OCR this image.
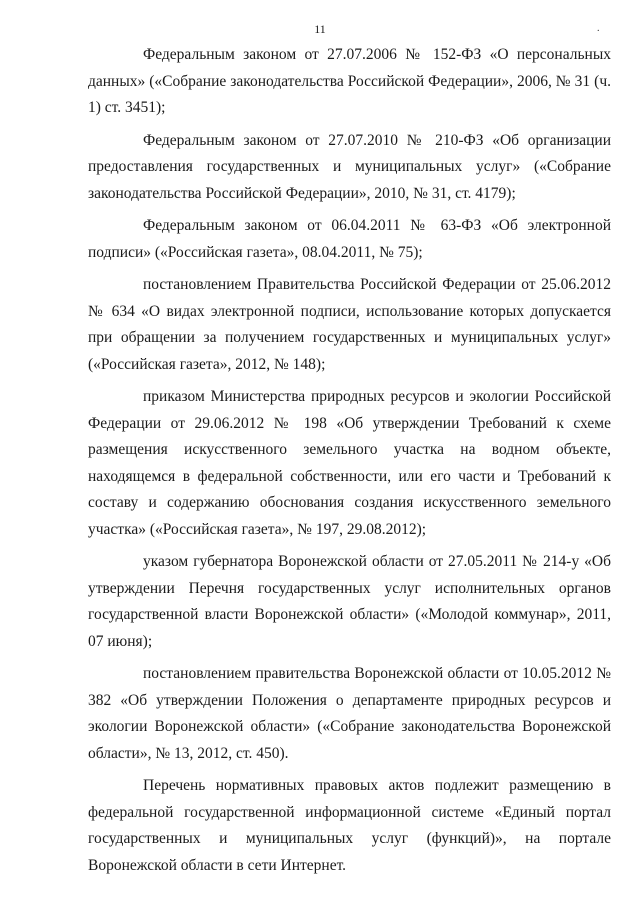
11	.

Федеральным законом от 27.07.2006 № 152-ФЗ «О персональных данных» («Собрание законодательства Российской Федерации», 2006, № 31 (ч. 1) ст. 3451);

Федеральным законом от 27.07.2010 № 210-ФЗ «Об организации предоставления государственных и муниципальных услуг» («Собрание законодательства Российской Федерации», 2010, № 31, ст. 4179);

Федеральным законом от 06.04.2011 № 63-ФЗ «Об электронной подписи» («Российская газета», 08.04.2011, № 75);

постановлением Правительства Российской Федерации от 25.06.2012 № 634 «О видах электронной подписи, использование которых допускается при обращении за получением государственных и муниципальных услуг» («Российская газета», 2012, № 148);

приказом Министерства природных ресурсов и экологии Российской Федерации от 29.06.2012 № 198 «Об утверждении Требований к схеме размещения искусственного земельного участка на водном объекте, находящемся в федеральной собственности, или его части и Требований к составу и содержанию обоснования создания искусственного земельного участка» («Российская газета», № 197, 29.08.2012);

указом губернатора Воронежской области от 27.05.2011 № 214-у «Об утверждении Перечня государственных услуг исполнительных органов государственной власти Воронежской области» («Молодой коммунар», 2011, 07 июня);

постановлением правительства Воронежской области от 10.05.2012 № 382 «Об утверждении Положения о департаменте природных ресурсов и экологии Воронежской области» («Собрание законодательства Воронежской области», № 13, 2012, ст. 450).

Перечень нормативных правовых актов подлежит размещению в федеральной государственной информационной системе «Единый портал государственных и муниципальных услуг (функций)», на портале Воронежской области в сети Интернет.
